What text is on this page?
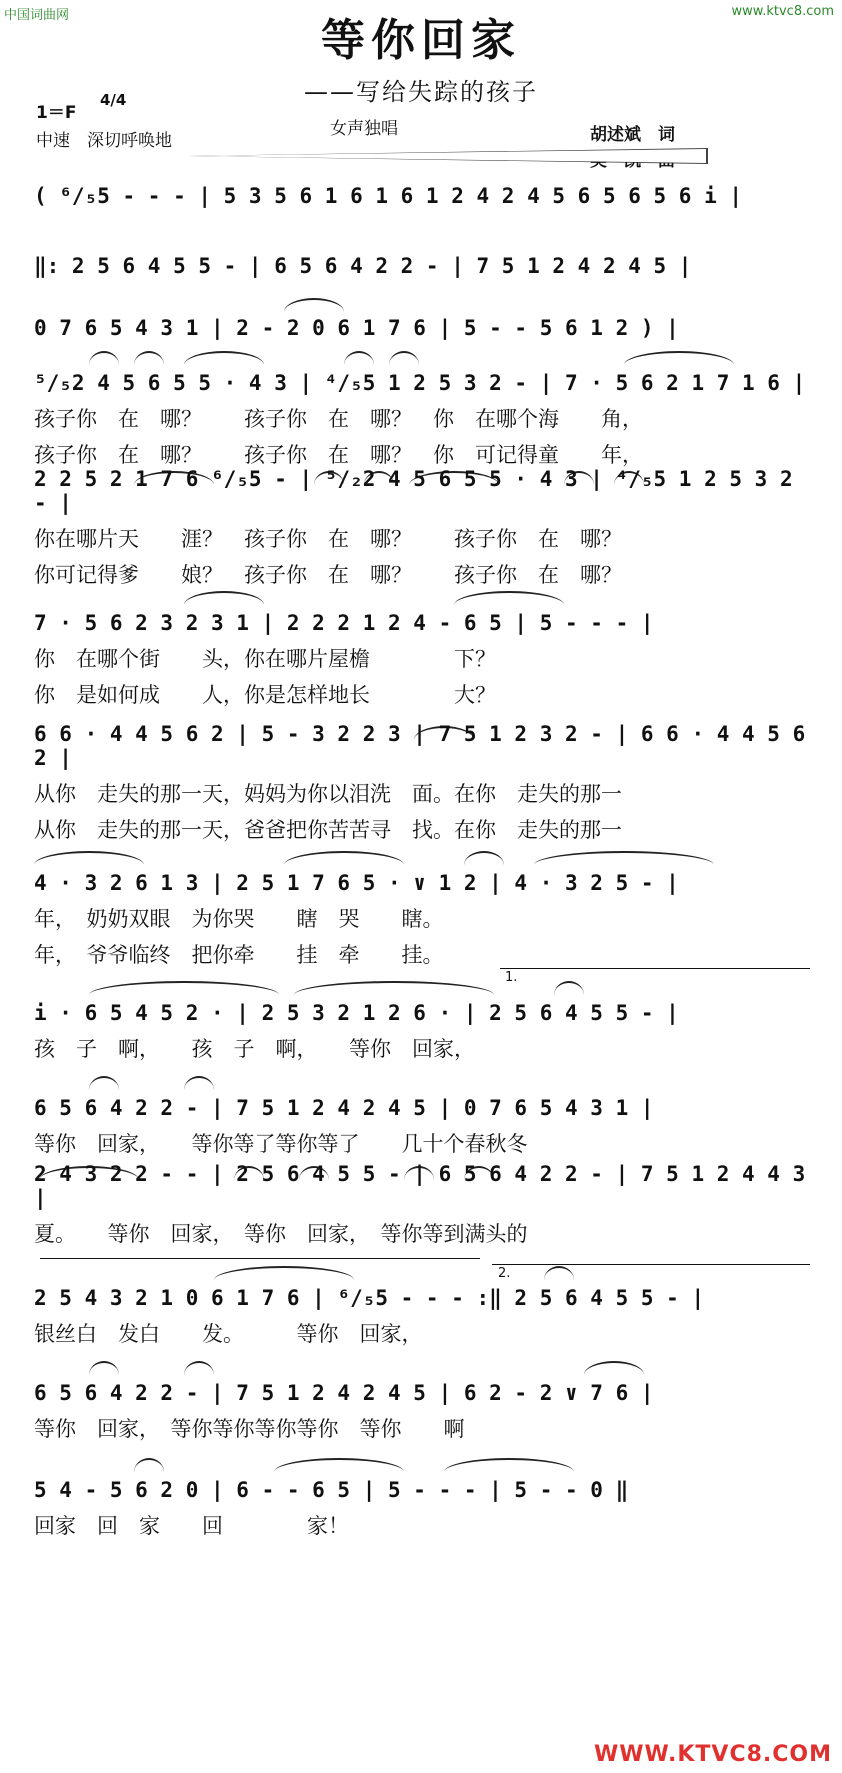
中国词曲网	www.ktvc8.com
等你回家
——写给失踪的孩子
1＝F
4/4
中速　深切呼唤地
女声独唱	胡述斌　词
吴　凯　曲
( ⁶/₅5 - - - | 5 3 5 6 1 6 1 6 1 2 4 2 4 5 6 5 6 5 6 i |
‖: 2 5 6 4 5 5 - | 6 5 6 4 2 2 - | 7 5 1 2 4 2 4 5 |
0 7 6 5 4 3 1 | 2 - 2 0 6 1 7 6 | 5 - - 5 6 1 2 ) |
⁵/₅2 4 5 6 5 5 · 4 3 | ⁴/₅5 1 2 5 3 2 - | 7 · 5 6 2 1 7 1 6 |
孩子你　在　哪？　　孩子你　在　哪？　你　在哪个海　　角，
孩子你　在　哪？　　孩子你　在　哪？　你　可记得童　　年，
2 2 5 2 1 7 6 ⁶/₅5 - | ⁵/₂2 4 5 6 5 5 · 4 3 | ⁴/₅5 1 2 5 3 2 - |
你在哪片天　　涯？　孩子你　在　哪？　　孩子你　在　哪？
你可记得爹　　娘？　孩子你　在　哪？　　孩子你　在　哪？
7 · 5 6 2 3 2 3 1 | 2 2 2 1 2 4 - 6 5 | 5 - - - |
你　在哪个街　　头，你在哪片屋檐　　　　下？
你　是如何成　　人，你是怎样地长　　　　大？
6 6 · 4 4 5 6 2 | 5 - 3 2 2 3 | 7 5 1 2 3 2 - | 6 6 · 4 4 5 6 2 |
从你　走失的那一天，妈妈为你以泪洗　面。在你　走失的那一
从你　走失的那一天，爸爸把你苦苦寻　找。在你　走失的那一
4 · 3 2 6 1 3 | 2 5 1 7 6 5 · ∨ 1 2 | 4 · 3 2 5 - |
年，　奶奶双眼　为你哭　　瞎　哭　　瞎。
年，　爷爷临终　把你牵　　挂　牵　　挂。
1.
i · 6 5 4 5 2 · | 2 5 3 2 1 2 6 · | 2 5 6 4 5 5 - |
孩　子　啊，　　孩　子　啊，　　等你　回家，
6 5 6 4 2 2 - | 7 5 1 2 4 2 4 5 | 0 7 6 5 4 3 1 |
等你　回家，　　等你等了等你等了　　几十个春秋冬
2 4 3 2 2 - - | 2 5 6 4 5 5 - | 6 5 6 4 2 2 - | 7 5 1 2 4 4 3 |
夏。　　等你　回家，　等你　回家，　等你等到满头的
2.
2 5 4 3 2 1 0 6 1 7 6 | ⁶/₅5 - - - :‖ 2 5 6 4 5 5 - |
银丝白　发白　　发。　　　等你　回家，
6 5 6 4 2 2 - | 7 5 1 2 4 2 4 5 | 6 2 - 2 ∨ 7 6 |
等你　回家，　等你等你等你等你　等你　　啊
5 4 - 5 6 2 0 | 6 - - 6 5 | 5 - - - | 5 - - 0 ‖
回家　回　家　　回　　　　家！
WWW.KTVC8.COM
